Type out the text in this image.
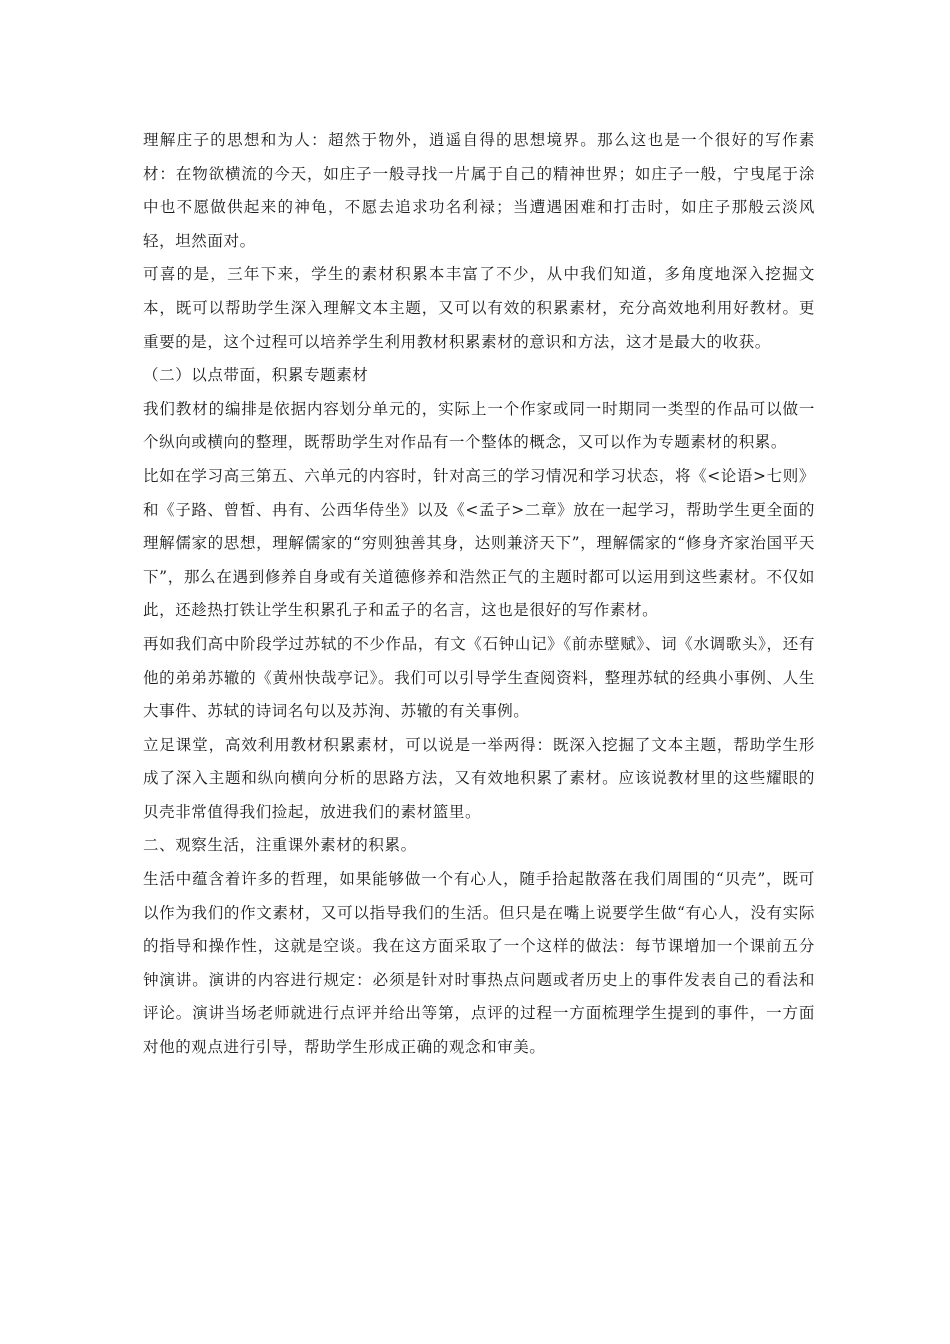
理解庄子的思想和为人：超然于物外，逍遥自得的思想境界。那么这也是一个很好的写作素材：在物欲横流的今天，如庄子一般寻找一片属于自己的精神世界；如庄子一般，宁曳尾于涂中也不愿做供起来的神龟，不愿去追求功名利禄；当遭遇困难和打击时，如庄子那般云淡风轻，坦然面对。

可喜的是，三年下来，学生的素材积累本丰富了不少，从中我们知道，多角度地深入挖掘文本，既可以帮助学生深入理解文本主题，又可以有效的积累素材，充分高效地利用好教材。更重要的是，这个过程可以培养学生利用教材积累素材的意识和方法，这才是最大的收获。

（二）以点带面，积累专题素材

我们教材的编排是依据内容划分单元的，实际上一个作家或同一时期同一类型的作品可以做一个纵向或横向的整理，既帮助学生对作品有一个整体的概念，又可以作为专题素材的积累。

比如在学习高三第五、六单元的内容时，针对高三的学习情况和学习状态，将《<论语>七则》和《子路、曾皙、冉有、公西华侍坐》以及《<孟子>二章》放在一起学习，帮助学生更全面的理解儒家的思想，理解儒家的“穷则独善其身，达则兼济天下”，理解儒家的“修身齐家治国平天下”，那么在遇到修养自身或有关道德修养和浩然正气的主题时都可以运用到这些素材。不仅如此，还趁热打铁让学生积累孔子和孟子的名言，这也是很好的写作素材。

再如我们高中阶段学过苏轼的不少作品，有文《石钟山记》《前赤壁赋》、词《水调歌头》，还有他的弟弟苏辙的《黄州快哉亭记》。我们可以引导学生查阅资料，整理苏轼的经典小事例、人生大事件、苏轼的诗词名句以及苏洵、苏辙的有关事例。

立足课堂，高效利用教材积累素材，可以说是一举两得：既深入挖掘了文本主题，帮助学生形成了深入主题和纵向横向分析的思路方法，又有效地积累了素材。应该说教材里的这些耀眼的贝壳非常值得我们捡起，放进我们的素材篮里。

二、观察生活，注重课外素材的积累。

生活中蕴含着许多的哲理，如果能够做一个有心人，随手拾起散落在我们周围的“贝壳”，既可以作为我们的作文素材，又可以指导我们的生活。但只是在嘴上说要学生做“有心人，没有实际的指导和操作性，这就是空谈。我在这方面采取了一个这样的做法：每节课增加一个课前五分钟演讲。演讲的内容进行规定：必须是针对时事热点问题或者历史上的事件发表自己的看法和评论。演讲当场老师就进行点评并给出等第，点评的过程一方面梳理学生提到的事件，一方面对他的观点进行引导，帮助学生形成正确的观念和审美。
